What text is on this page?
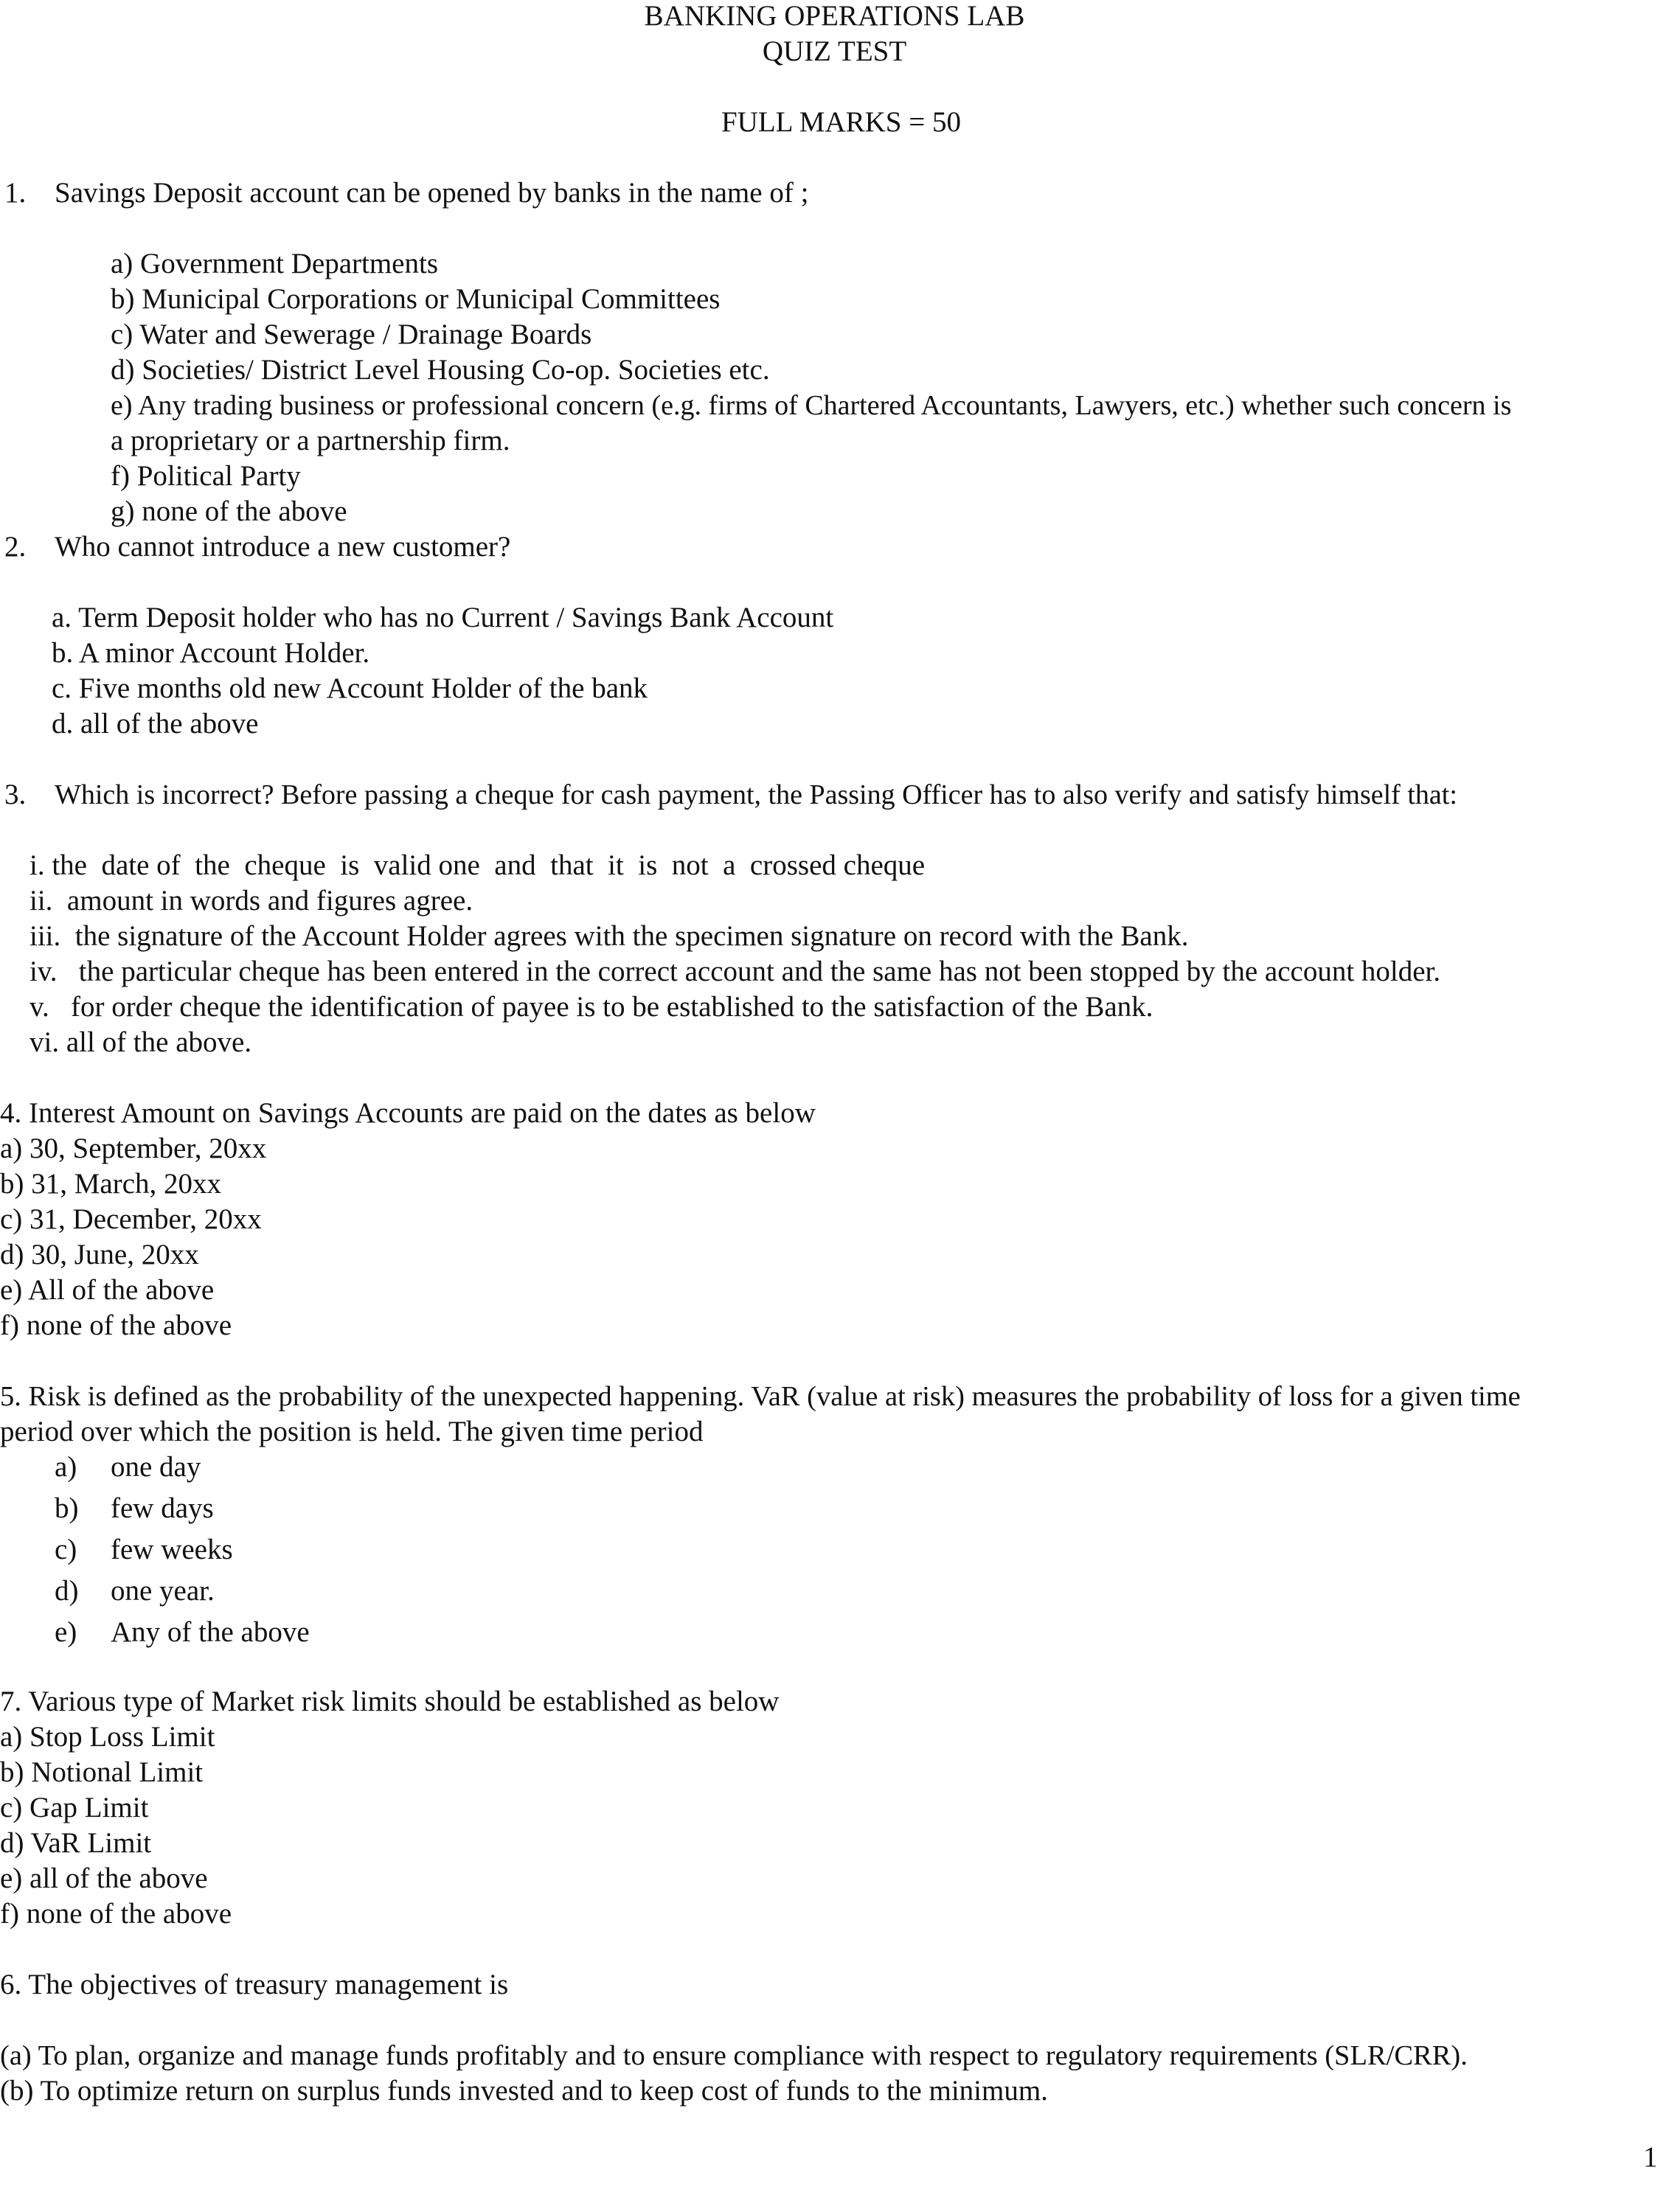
BANKING OPERATIONS LAB
QUIZ TEST
FULL MARKS = 50
1. Savings Deposit account can be opened by banks in the name of ;
a) Government Departments
b) Municipal Corporations or Municipal Committees
c) Water and Sewerage / Drainage Boards
d) Societies/ District Level Housing Co-op. Societies etc.
e) Any trading business or professional concern (e.g. firms of Chartered Accountants, Lawyers, etc.) whether such concern is
a proprietary or a partnership firm.
f) Political Party
g) none of the above
2. Who cannot introduce a new customer?
a. Term Deposit holder who has no Current / Savings Bank Account
b. A minor Account Holder.
c. Five months old new Account Holder of the bank
d. all of the above
3. Which is incorrect? Before passing a cheque for cash payment, the Passing Officer has to also verify and satisfy himself that:
i. the  date of  the  cheque  is  valid one  and  that  it  is  not  a  crossed cheque
ii.  amount in words and figures agree.
iii.  the signature of the Account Holder agrees with the specimen signature on record with the Bank.
iv.   the particular cheque has been entered in the correct account and the same has not been stopped by the account holder.
v.   for order cheque the identification of payee is to be established to the satisfaction of the Bank.
vi. all of the above.
4. Interest Amount on Savings Accounts are paid on the dates as below
a) 30, September, 20xx
b) 31, March, 20xx
c) 31, December, 20xx
d) 30, June, 20xx
e) All of the above
f) none of the above
5. Risk is defined as the probability of the unexpected happening. VaR (value at risk) measures the probability of loss for a given time
period over which the position is held. The given time period
a) one day
b) few days
c) few weeks
d) one year.
e) Any of the above
7. Various type of Market risk limits should be established as below
a) Stop Loss Limit
b) Notional Limit
c) Gap Limit
d) VaR Limit
e) all of the above
f) none of the above
6. The objectives of treasury management is
(a) To plan, organize and manage funds profitably and to ensure compliance with respect to regulatory requirements (SLR/CRR).
(b) To optimize return on surplus funds invested and to keep cost of funds to the minimum.
1
